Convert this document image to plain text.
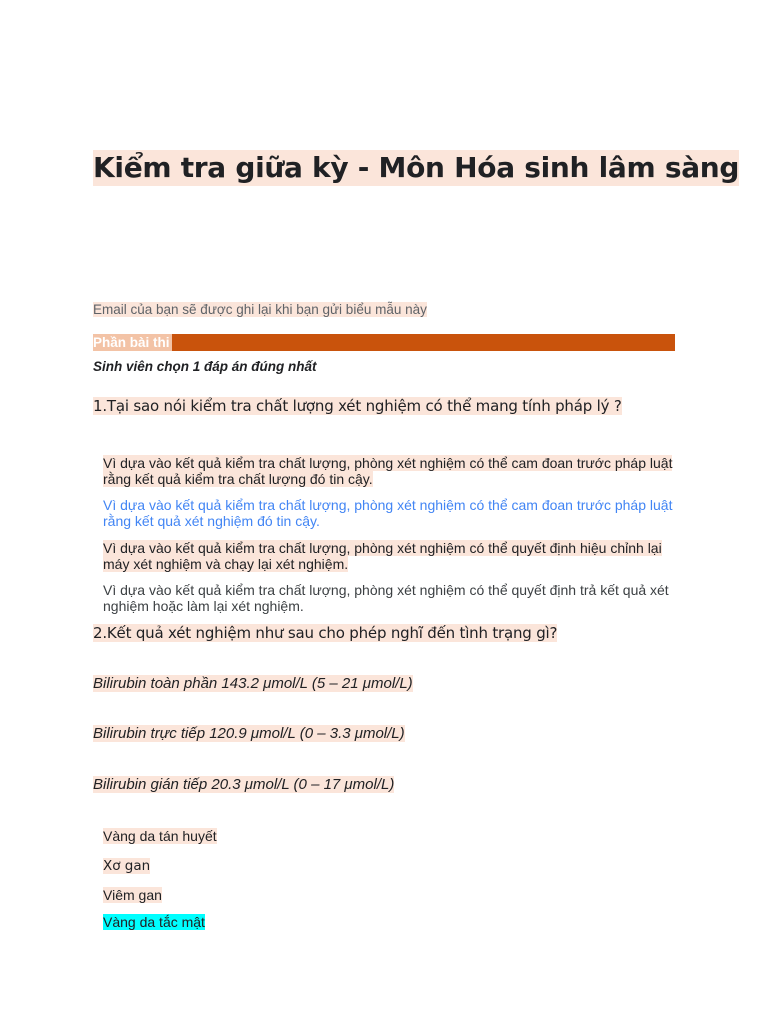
Kiểm tra giữa kỳ - Môn Hóa sinh lâm sàng
Email của bạn sẽ được ghi lại khi bạn gửi biểu mẫu này
Phần bài thi
Sinh viên chọn 1 đáp án đúng nhất
1.Tại sao nói kiểm tra chất lượng xét nghiệm có thể mang tính pháp lý ?
Vì dựa vào kết quả kiểm tra chất lượng, phòng xét nghiệm có thể cam đoan trước pháp luật rằng kết quả kiểm tra chất lượng đó tin cậy.
Vì dựa vào kết quả kiểm tra chất lượng, phòng xét nghiệm có thể cam đoan trước pháp luật rằng kết quả xét nghiệm đó tin cậy.
Vì dựa vào kết quả kiểm tra chất lượng, phòng xét nghiệm có thể quyết định hiệu chỉnh lại máy xét nghiệm và chạy lại xét nghiệm.
Vì dựa vào kết quả kiểm tra chất lượng, phòng xét nghiệm có thể quyết định trả kết quả xét nghiệm hoặc làm lại xét nghiệm.
2.Kết quả xét nghiệm như sau cho phép nghĩ đến tình trạng gì?
Bilirubin toàn phần 143.2 μmol/L (5 – 21 μmol/L)
Bilirubin trực tiếp 120.9 μmol/L (0 – 3.3 μmol/L)
Bilirubin gián tiếp 20.3 μmol/L (0 – 17 μmol/L)
Vàng da tán huyết
Xơ gan
Viêm gan
Vàng da tắc mật
